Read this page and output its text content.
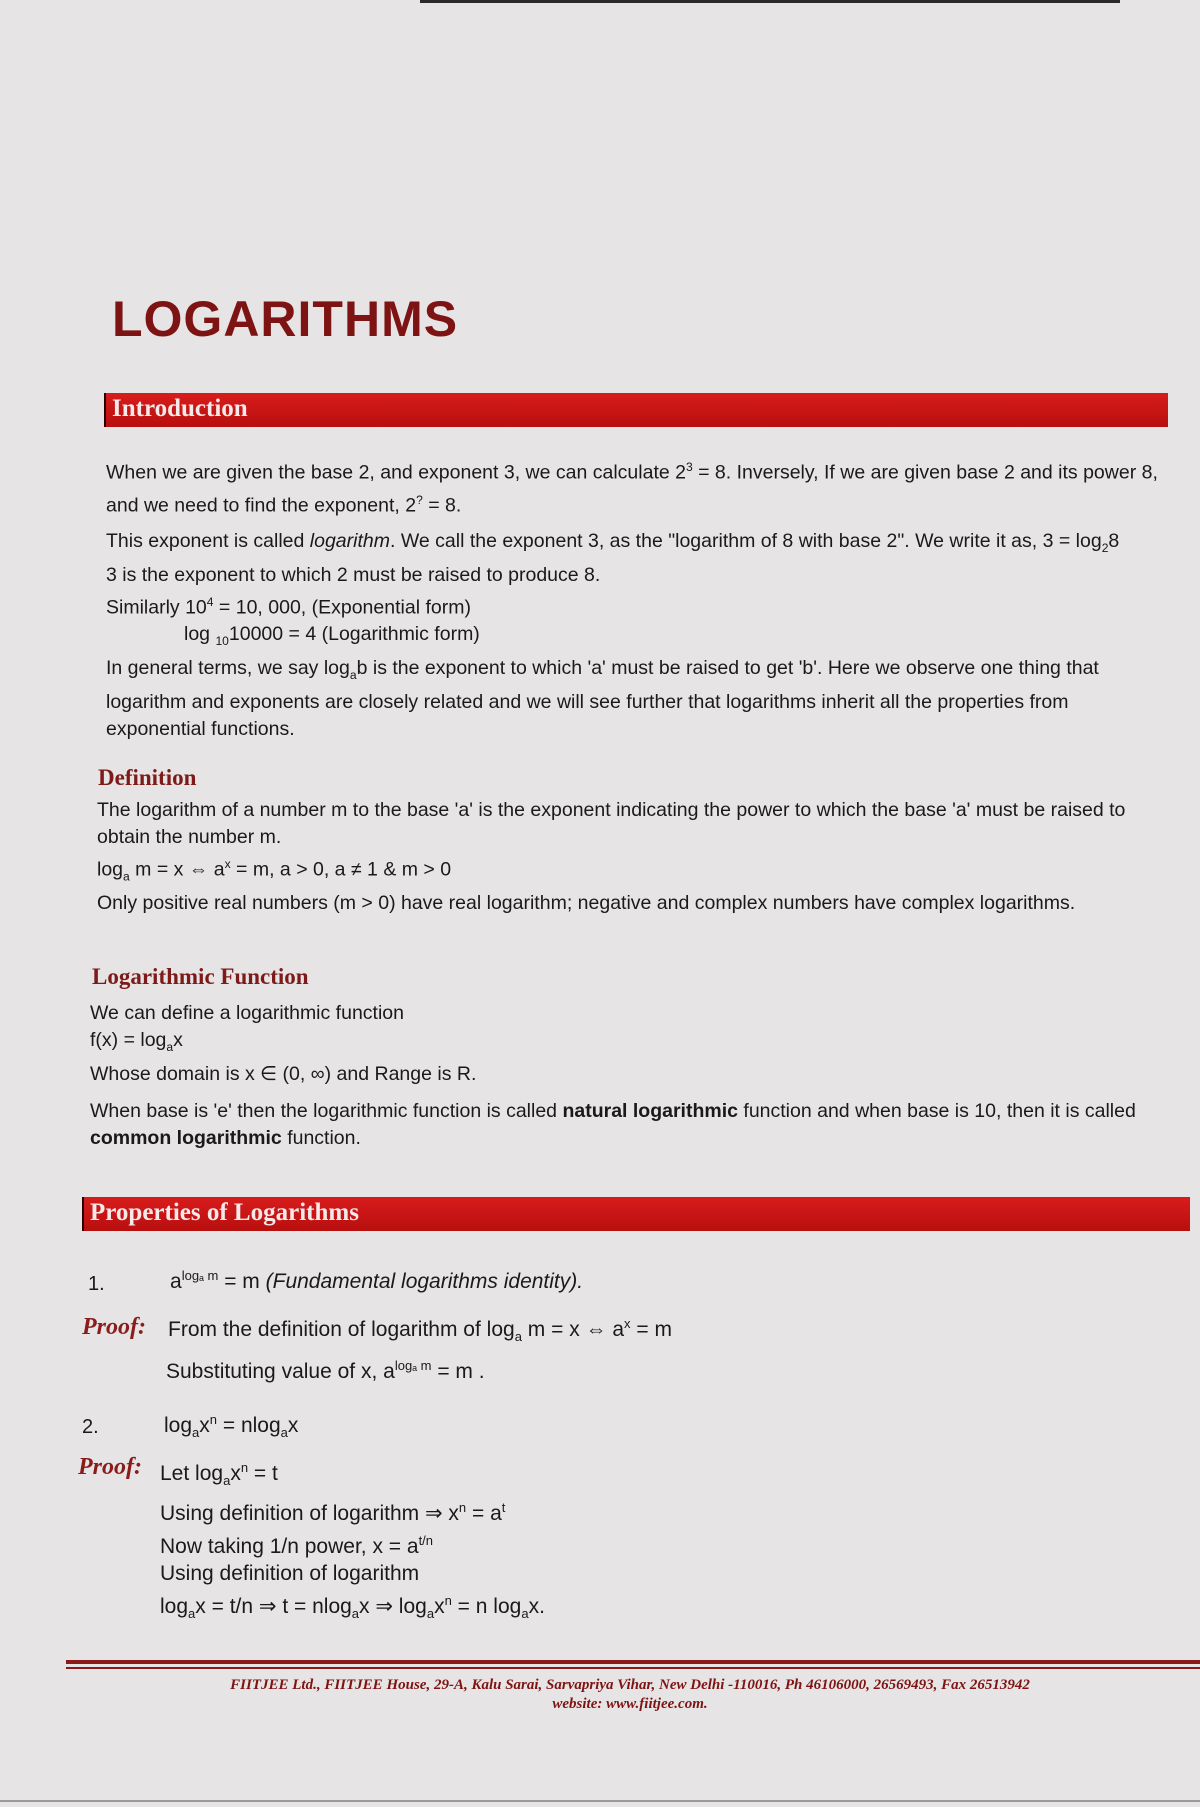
LOGARITHMS
Introduction

When we are given the base 2, and exponent 3, we can calculate $2^3 = 8$. Inversely, If we are given base 2 and its power 8, and we need to find the exponent, 2? = 8.

This exponent is called logarithm. We call the exponent 3, as the "logarithm of 8 with base 2". We write it as, $3 = \log_28$

3 is the exponent to which 2 must be raised to produce 8.

Similarly $10^4 = 10$, 000, (Exponential form)

log $_{10}$10000 = 4 (Logarithmic form)

In general terms, we say $\log_ab$ is the exponent to which 'a' must be raised to get 'b'. Here we observe one thing that logarithm and exponents are closely related and we will see further that logarithms inherit all the properties from exponential functions.

Definition

The logarithm of a number m to the base 'a' is the exponent indicating the power to which the base 'a' must be raised to obtain the number m.

$\log_a m = x$ ⇔ $a^x = m$, a > 0, a ≠ 1 & m > 0

Only positive real numbers (m > 0) have real logarithm; negative and complex numbers have complex logarithms.

Logarithmic Function

We can define a logarithmic function

$f(x) = \log_ax$

Whose domain is x ∈ (0, ∞) and Range is R.

When base is 'e' then the logarithmic function is called natural logarithmic function and when base is 10, then it is called common logarithmic function.

Properties of Logarithms
1.	$a^{log_a m} = m$ (Fundamental logarithms identity).
Proof: From the definition of logarithm of $\log_a m = x$ ⇔ $a^x = m$
Substituting value of x, $a^{log_a m} = m$ .
2.	$\log_ax^n = nlog_ax$
Proof: Let $\log_ax^n = t$

Using definition of logarithm ⇒ $x^n = a^t$

Now taking 1/n power, $x = a^{t/n}$

Using definition of logarithm

$\log_ax = t/n$ ⇒ t = nlog$_a$x ⇒ $\log_ax^n = n$ $\log_ax$.

FIITJEE Ltd., FIITJEE House, 29-A, Kalu Sarai, Sarvapriya Vihar, New Delhi -110016, Ph 46106000, 26569493, Fax 26513942
website: www.fiitjee.com.
